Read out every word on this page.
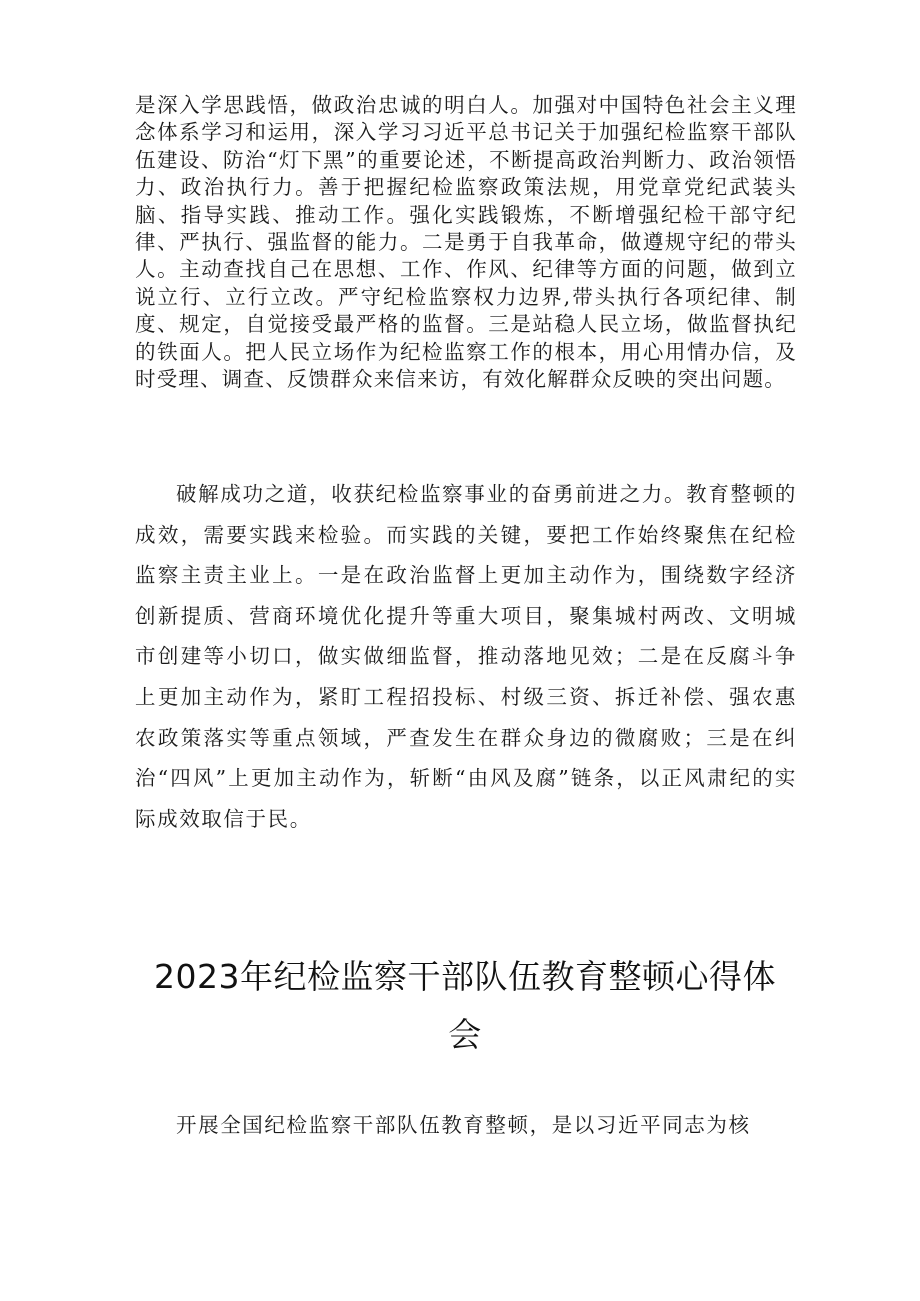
是深入学思践悟，做政治忠诚的明白人。加强对中国特色社会主义理念体系学习和运用，深入学习习近平总书记关于加强纪检监察干部队伍建设、防治“灯下黑”的重要论述，不断提高政治判断力、政治领悟力、政治执行力。善于把握纪检监察政策法规，用党章党纪武装头脑、指导实践、推动工作。强化实践锻炼，不断增强纪检干部守纪律、严执行、强监督的能力。二是勇于自我革命，做遵规守纪的带头人。主动查找自己在思想、工作、作风、纪律等方面的问题，做到立说立行、立行立改。严守纪检监察权力边界,带头执行各项纪律、制度、规定，自觉接受最严格的监督。三是站稳人民立场，做监督执纪的铁面人。把人民立场作为纪检监察工作的根本，用心用情办信，及时受理、调查、反馈群众来信来访，有效化解群众反映的突出问题。

破解成功之道，收获纪检监察事业的奋勇前进之力。教育整顿的成效，需要实践来检验。而实践的关键，要把工作始终聚焦在纪检监察主责主业上。一是在政治监督上更加主动作为，围绕数字经济创新提质、营商环境优化提升等重大项目，聚集城村两改、文明城市创建等小切口，做实做细监督，推动落地见效；二是在反腐斗争上更加主动作为，紧盯工程招投标、村级三资、拆迁补偿、强农惠农政策落实等重点领域，严查发生在群众身边的微腐败；三是在纠治“四风”上更加主动作为，斩断“由风及腐”链条，以正风肃纪的实际成效取信于民。

2023年纪检监察干部队伍教育整顿心得体会

开展全国纪检监察干部队伍教育整顿，是以习近平同志为核
